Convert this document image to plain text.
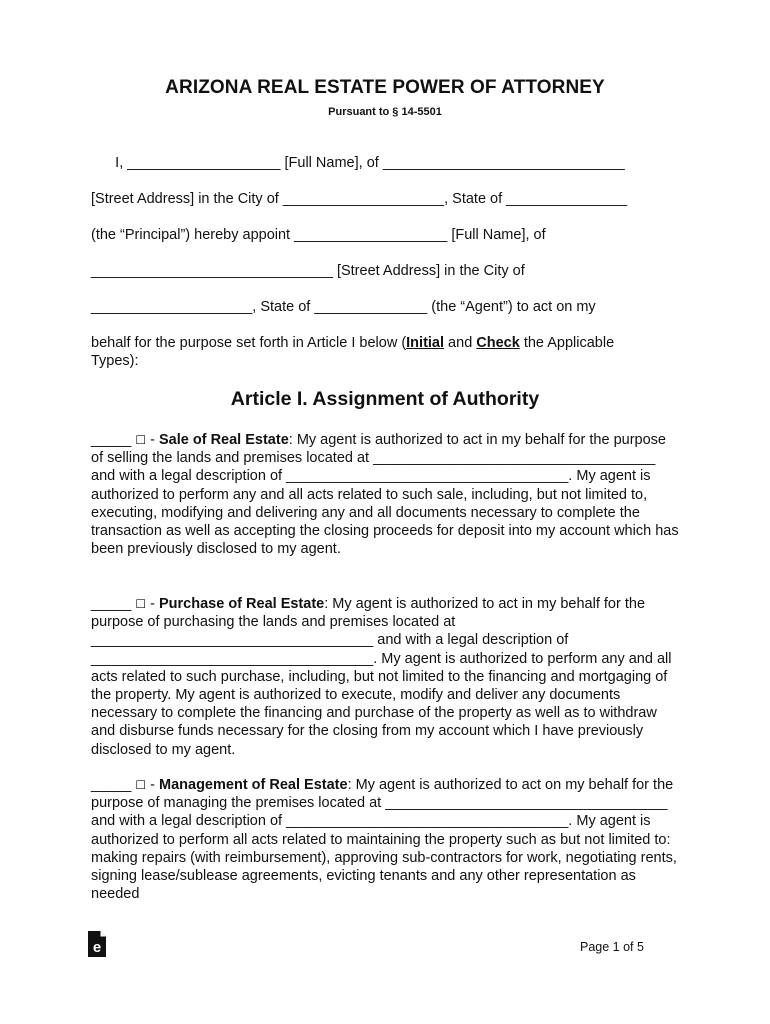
ARIZONA REAL ESTATE POWER OF ATTORNEY
Pursuant to § 14-5501
I, ___________________ [Full Name], of ______________________________
[Street Address] in the City of ____________________, State of _______________
(the “Principal”) hereby appoint ___________________ [Full Name], of
______________________________ [Street Address] in the City of
____________________, State of ______________ (the “Agent”) to act on my
behalf for the purpose set forth in Article I below (Initial and Check the Applicable
Types):
Article I. Assignment of Authority

_____ ☐ - Sale of Real Estate: My agent is authorized to act in my behalf for the purpose of selling the lands and premises located at ___________________________________ and with a legal description of ___________________________________. My agent is authorized to perform any and all acts related to such sale, including, but not limited to, executing, modifying and delivering any and all documents necessary to complete the transaction as well as accepting the closing proceeds for deposit into my account which has been previously disclosed to my agent.

_____ ☐ - Purchase of Real Estate: My agent is authorized to act in my behalf for the purpose of purchasing the lands and premises located at ___________________________________ and with a legal description of ___________________________________. My agent is authorized to perform any and all acts related to such purchase, including, but not limited to the financing and mortgaging of the property. My agent is authorized to execute, modify and deliver any documents necessary to complete the financing and purchase of the property as well as to withdraw and disburse funds necessary for the closing from my account which I have previously disclosed to my agent.

_____ ☐ - Management of Real Estate: My agent is authorized to act on my behalf for the purpose of managing the premises located at ___________________________________ and with a legal description of ___________________________________. My agent is authorized to perform all acts related to maintaining the property such as but not limited to: making repairs (with reimbursement), approving sub-contractors for work, negotiating rents, signing lease/sublease agreements, evicting tenants and any other representation as needed

e	Page 1 of 5
